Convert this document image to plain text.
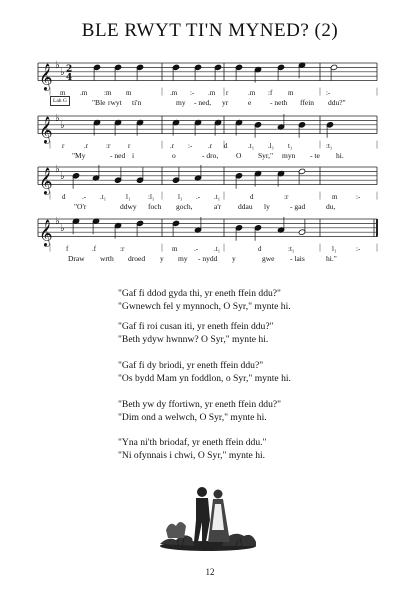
BLE RWYT TI'N MYNED? (2)
𝄞 ♭
♭ 2
4
𝄞 ♭
♭
𝄞 ♭
♭
𝄞 ♭
♭
Lah G
m .m :m m	.m :- .m r	.m :f m	:-
"Ble rwyt ti'n	my - ned, yr	e - neth ffein ddu?"
r	.r	:r	r	.r :- .r d	.t₁ .l₁ t₁	:t₁
"My	- ned i	o	- dro, O Syr," myn - te hi.
d .- .t₁	l₁	:l₁	l₁ .- .t₁	d	:r	m	:-
"O'r	ddwy foch goch,	a'r ddau ly	- gad	du,
f	.f	:r	m .- .t₁	d	:t₁	l₁	:-
Draw wrth droed y my - nydd y	gwe - lais	hi."
"Gaf fi ddod gyda thi, yr eneth ffein ddu?"
"Gwnewch fel y mynnoch, O Syr," mynte hi.
"Gaf fi roi cusan iti, yr eneth ffein ddu?"
"Beth ydyw hwnnw? O Syr," mynte hi.
"Gaf fi dy briodi, yr eneth ffein ddu?"
"Os bydd Mam yn foddlon, o Syr," mynte hi.
"Beth yw dy ffortiwn, yr eneth ffein ddu?"
"Dim ond a welwch, O Syr," mynte hi.
"Yna ni'th briodaf, yr eneth ffein ddu."
"Ni ofynnais i chwi, O Syr," mynte hi.
12
